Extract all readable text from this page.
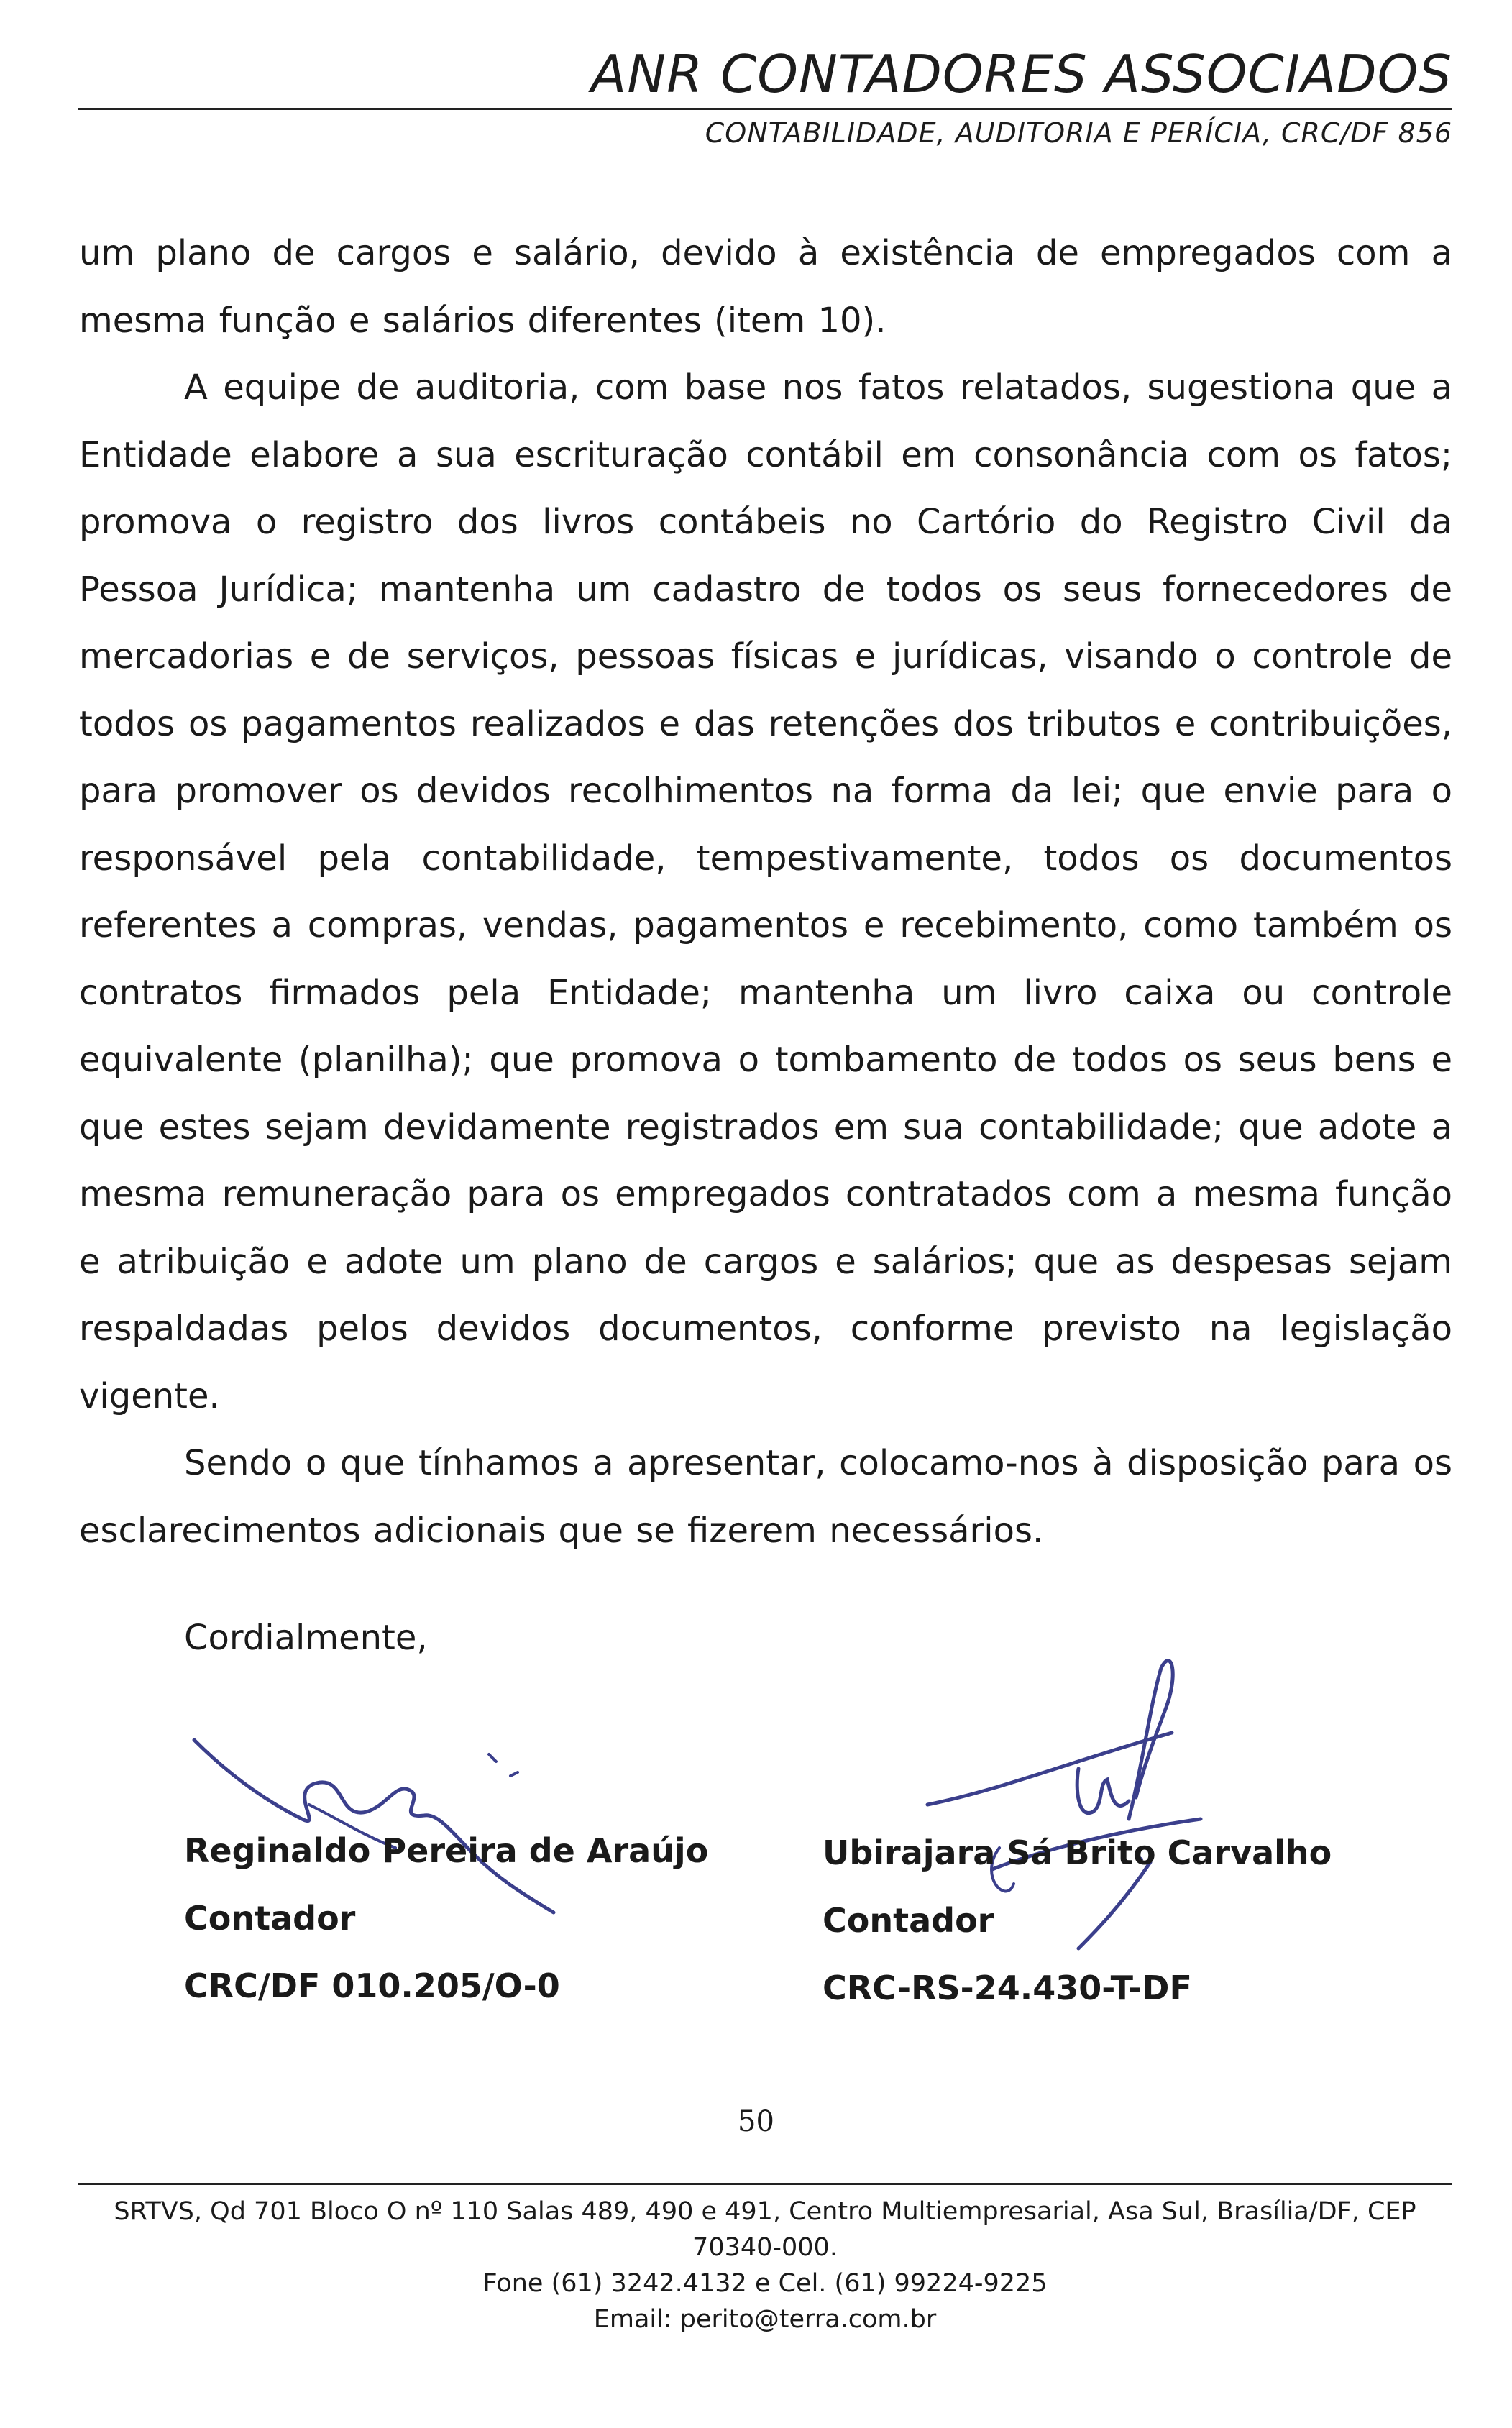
ANR CONTADORES ASSOCIADOS
CONTABILIDADE, AUDITORIA E PERÍCIA, CRC/DF 856

um plano de cargos e salário, devido à existência de empregados com a mesma função e salários diferentes (item 10).

A equipe de auditoria, com base nos fatos relatados, sugestiona que a Entidade elabore a sua escrituração contábil em consonância com os fatos; promova o registro dos livros contábeis no Cartório do Registro Civil da Pessoa Jurídica; mantenha um cadastro de todos os seus fornecedores de mercadorias e de serviços, pessoas físicas e jurídicas, visando o controle de todos os pagamentos realizados e das retenções dos tributos e contribuições, para promover os devidos recolhimentos na forma da lei; que envie para o responsável pela contabilidade, tempestivamente, todos os documentos referentes a compras, vendas, pagamentos e recebimento, como também os contratos firmados pela Entidade; mantenha um livro caixa ou controle equivalente (planilha); que promova o tombamento de todos os seus bens e que estes sejam devidamente registrados em sua contabilidade; que adote a mesma remuneração para os empregados contratados com a mesma função e atribuição e adote um plano de cargos e salários; que as despesas sejam respaldadas pelos devidos documentos, conforme previsto na legislação vigente.

Sendo o que tínhamos a apresentar, colocamo-nos à disposição para os esclarecimentos adicionais que se fizerem necessários.

Cordialmente,
Reginaldo Pereira de Araújo
Contador
CRC/DF 010.205/O-0
Ubirajara Sá Brito Carvalho
Contador
CRC-RS-24.430-T-DF
50
SRTVS, Qd 701 Bloco O nº 110 Salas 489, 490 e 491, Centro Multiempresarial, Asa Sul, Brasília/DF, CEP 70340-000.
Fone (61) 3242.4132 e Cel. (61) 99224-9225
Email: perito@terra.com.br
